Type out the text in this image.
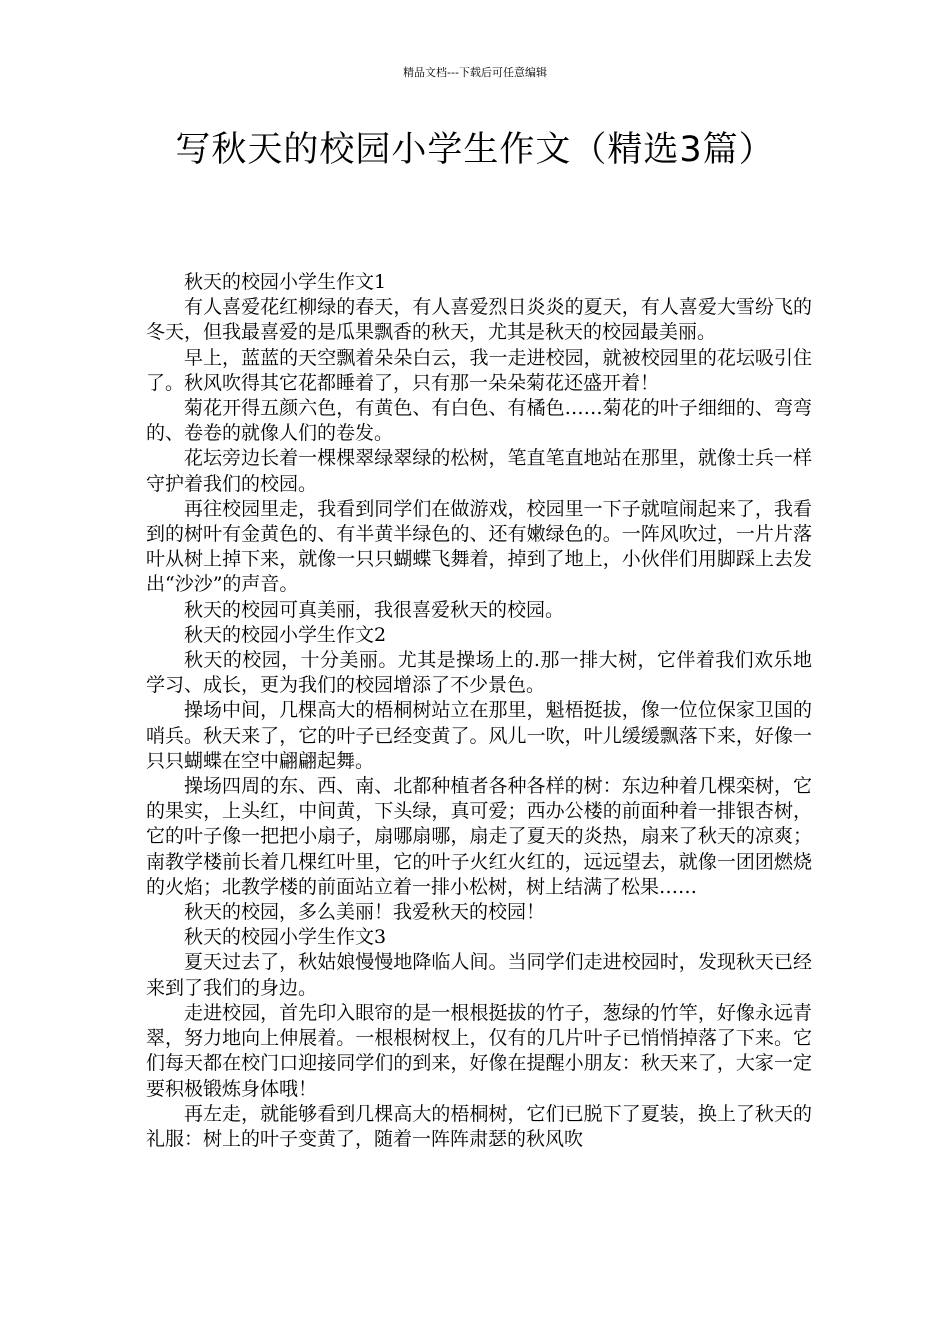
精品文档---下载后可任意编辑
写秋天的校园小学生作文（精选3篇）

秋天的校园小学生作文1

有人喜爱花红柳绿的春天，有人喜爱烈日炎炎的夏天，有人喜爱大雪纷飞的冬天，但我最喜爱的是瓜果飘香的秋天，尤其是秋天的校园最美丽。

早上，蓝蓝的天空飘着朵朵白云，我一走进校园，就被校园里的花坛吸引住了。秋风吹得其它花都睡着了，只有那一朵朵菊花还盛开着！

菊花开得五颜六色，有黄色、有白色、有橘色……菊花的叶子细细的、弯弯的、卷卷的就像人们的卷发。

花坛旁边长着一棵棵翠绿翠绿的松树，笔直笔直地站在那里，就像士兵一样守护着我们的校园。

再往校园里走，我看到同学们在做游戏，校园里一下子就喧闹起来了，我看到的树叶有金黄色的、有半黄半绿色的、还有嫩绿色的。一阵风吹过，一片片落叶从树上掉下来，就像一只只蝴蝶飞舞着，掉到了地上，小伙伴们用脚踩上去发出“沙沙”的声音。

秋天的校园可真美丽，我很喜爱秋天的校园。

秋天的校园小学生作文2

秋天的校园，十分美丽。尤其是操场上的.那一排大树，它伴着我们欢乐地学习、成长，更为我们的校园增添了不少景色。

操场中间，几棵高大的梧桐树站立在那里，魁梧挺拔，像一位位保家卫国的哨兵。秋天来了，它的叶子已经变黄了。风儿一吹，叶儿缓缓飘落下来，好像一只只蝴蝶在空中翩翩起舞。

操场四周的东、西、南、北都种植者各种各样的树：东边种着几棵栾树，它的果实，上头红，中间黄，下头绿，真可爱；西办公楼的前面种着一排银杏树，它的叶子像一把把小扇子，扇哪扇哪，扇走了夏天的炎热，扇来了秋天的凉爽；南教学楼前长着几棵红叶里，它的叶子火红火红的，远远望去，就像一团团燃烧的火焰；北教学楼的前面站立着一排小松树，树上结满了松果……

秋天的校园，多么美丽！我爱秋天的校园！

秋天的校园小学生作文3

夏天过去了，秋姑娘慢慢地降临人间。当同学们走进校园时，发现秋天已经来到了我们的身边。

走进校园，首先印入眼帘的是一根根挺拔的竹子，葱绿的竹竿，好像永远青翠，努力地向上伸展着。一根根树杈上，仅有的几片叶子已悄悄掉落了下来。它们每天都在校门口迎接同学们的到来，好像在提醒小朋友：秋天来了，大家一定要积极锻炼身体哦！

再左走，就能够看到几棵高大的梧桐树，它们已脱下了夏装，换上了秋天的礼服：树上的叶子变黄了，随着一阵阵肃瑟的秋风吹
